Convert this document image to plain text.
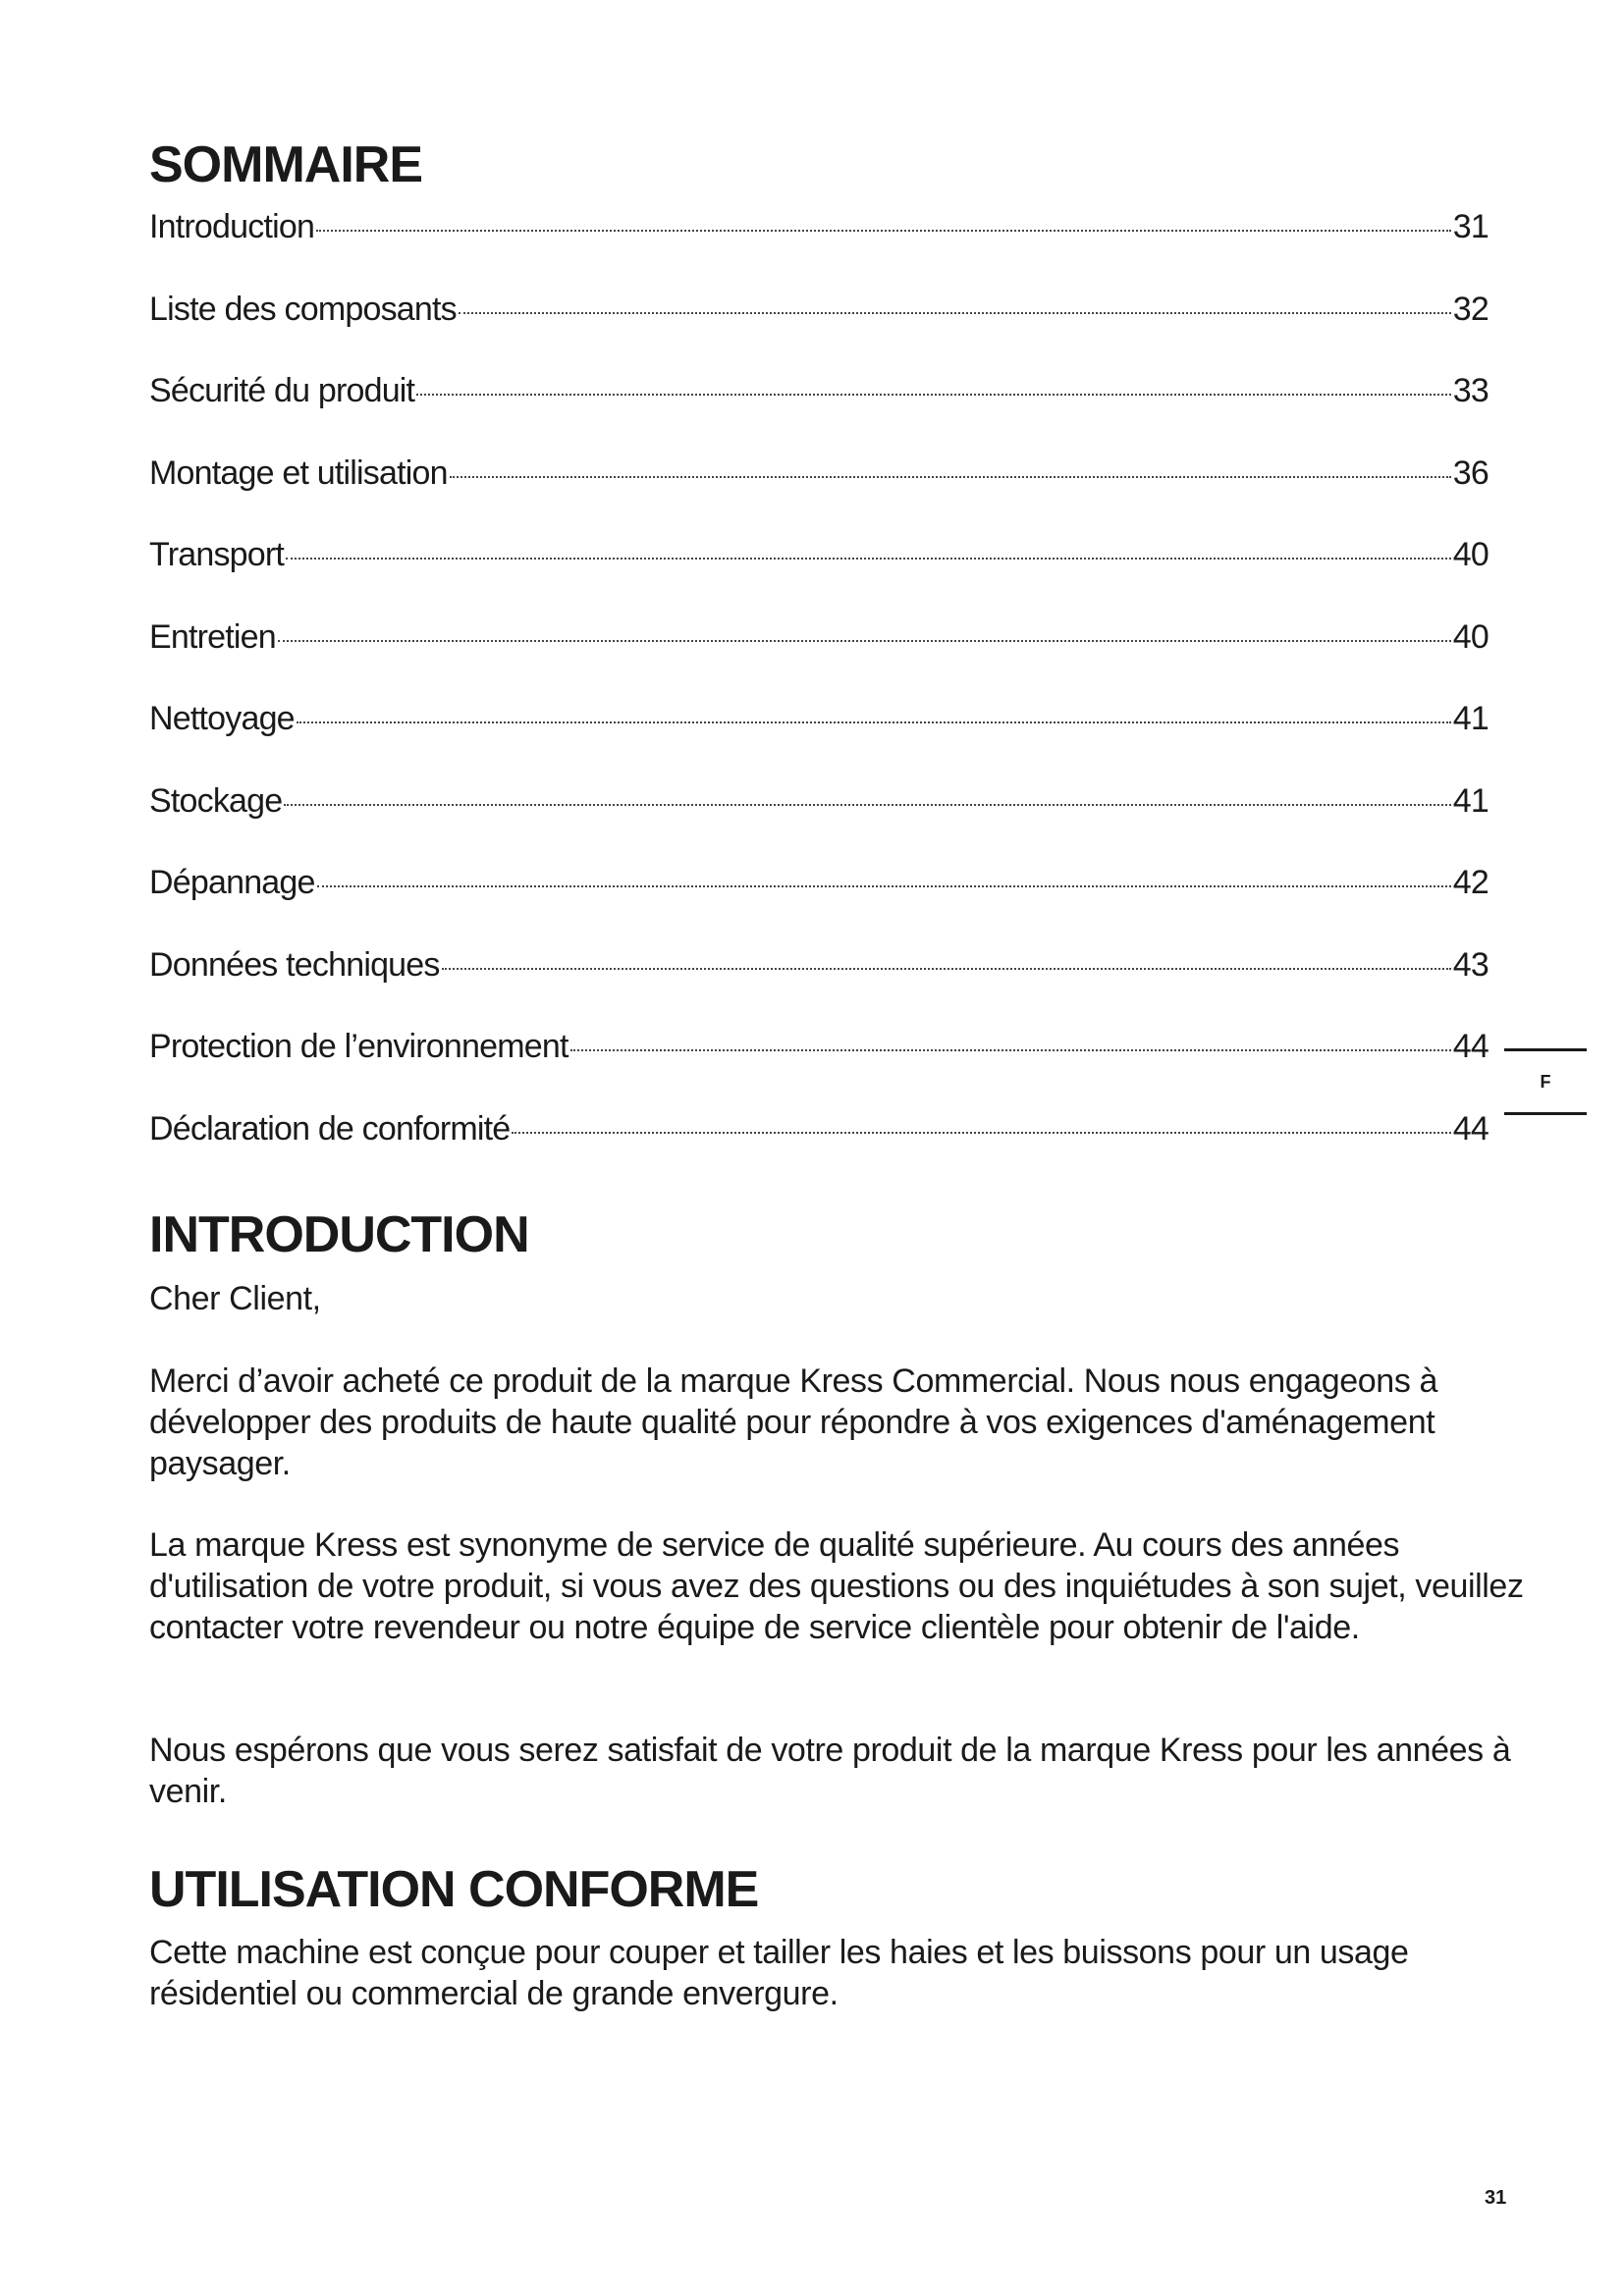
SOMMAIRE
Introduction	31
Liste des composants	32
Sécurité du produit	33
Montage et utilisation	36
Transport	40
Entretien	40
Nettoyage	41
Stockage	41
Dépannage	42
Données techniques	43
Protection de l’environnement	44
Déclaration de conformité	44
F
INTRODUCTION

Cher Client,

Merci d’avoir acheté ce produit de la marque Kress Commercial. Nous nous engageons à développer des produits de haute qualité pour répondre à vos exigences d'aménagement paysager.

La marque Kress est synonyme de service de qualité supérieure. Au cours des années d'utilisation de votre produit, si vous avez des questions ou des inquiétudes à son sujet, veuillez contacter votre revendeur ou notre équipe de service clientèle pour obtenir de l'aide.

Nous espérons que vous serez satisfait de votre produit de la marque Kress pour les années à venir.

UTILISATION CONFORME

Cette machine est conçue pour couper et tailler les haies et les buissons pour un usage résidentiel ou commercial de grande envergure.

31
